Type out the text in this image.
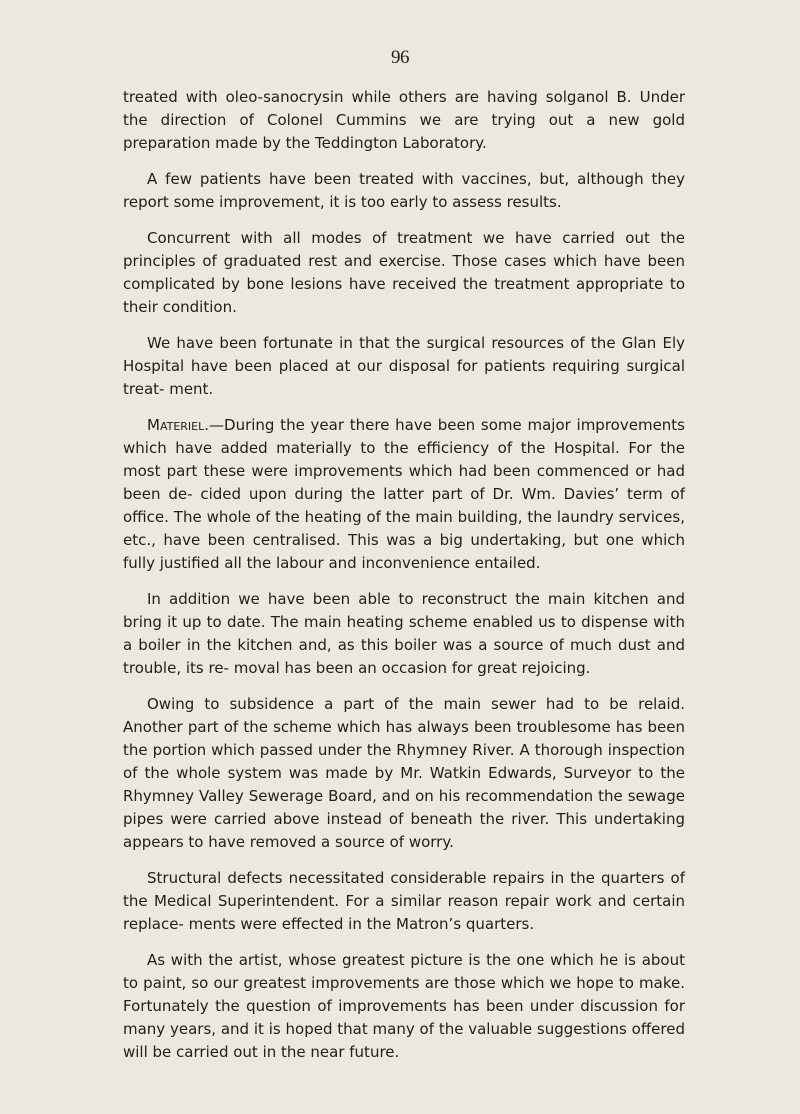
96

treated with oleo-sanocrysin while others are having solganol B. Under the direction of Colonel Cummins we are trying out a new gold preparation made by the Teddington Laboratory.

A few patients have been treated with vaccines, but, although they report some improvement, it is too early to assess results.

Concurrent with all modes of treatment we have carried out the principles of graduated rest and exercise. Those cases which have been complicated by bone lesions have received the treatment appropriate to their condition.

We have been fortunate in that the surgical resources of the Glan Ely Hospital have been placed at our disposal for patients requiring surgical treat- ment.

Materiel.—During the year there have been some major improvements which have added materially to the efficiency of the Hospital. For the most part these were improvements which had been commenced or had been de- cided upon during the latter part of Dr. Wm. Davies’ term of office. The whole of the heating of the main building, the laundry services, etc., have been centralised. This was a big undertaking, but one which fully justified all the labour and inconvenience entailed.

In addition we have been able to reconstruct the main kitchen and bring it up to date. The main heating scheme enabled us to dispense with a boiler in the kitchen and, as this boiler was a source of much dust and trouble, its re- moval has been an occasion for great rejoicing.

Owing to subsidence a part of the main sewer had to be relaid. Another part of the scheme which has always been troublesome has been the portion which passed under the Rhymney River. A thorough inspection of the whole system was made by Mr. Watkin Edwards, Surveyor to the Rhymney Valley Sewerage Board, and on his recommendation the sewage pipes were carried above instead of beneath the river. This undertaking appears to have removed a source of worry.

Structural defects necessitated considerable repairs in the quarters of the Medical Superintendent. For a similar reason repair work and certain replace- ments were effected in the Matron’s quarters.

As with the artist, whose greatest picture is the one which he is about to paint, so our greatest improvements are those which we hope to make. Fortunately the question of improvements has been under discussion for many years, and it is hoped that many of the valuable suggestions offered will be carried out in the near future.
